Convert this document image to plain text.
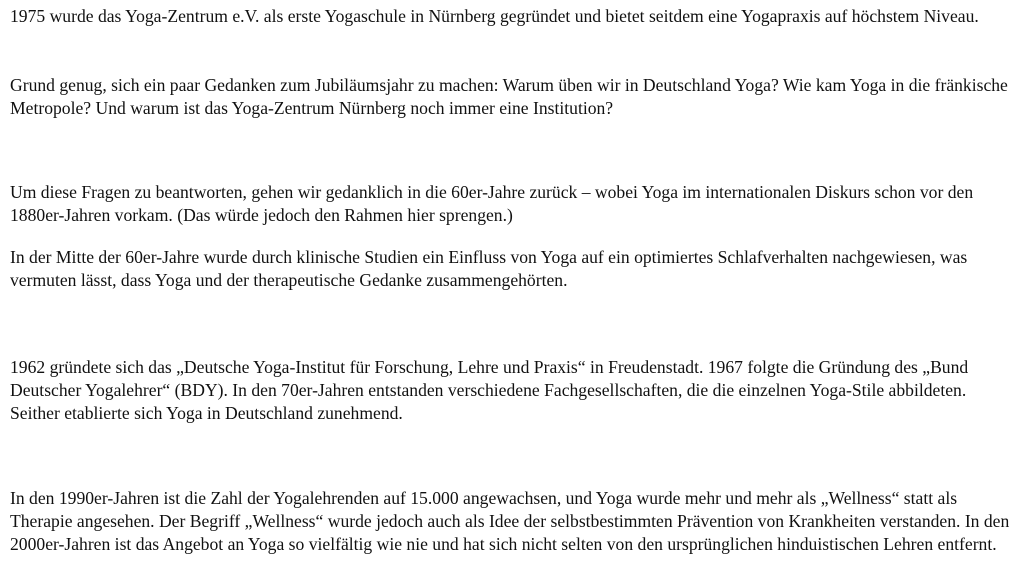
1975 wurde das Yoga-Zentrum e.V. als erste Yogaschule in Nürnberg gegründet und bietet seitdem eine Yogapraxis auf höchstem Niveau.

Grund genug, sich ein paar Gedanken zum Jubiläumsjahr zu machen: Warum üben wir in Deutschland Yoga? Wie kam Yoga in die fränkische Metropole? Und warum ist das Yoga-Zentrum Nürnberg noch immer eine Institution?

Um diese Fragen zu beantworten, gehen wir gedanklich in die 60er-Jahre zurück – wobei Yoga im internationalen Diskurs schon vor den 1880er-Jahren vorkam. (Das würde jedoch den Rahmen hier sprengen.)

In der Mitte der 60er-Jahre wurde durch klinische Studien ein Einfluss von Yoga auf ein optimiertes Schlafverhalten nachgewiesen, was vermuten lässt, dass Yoga und der therapeutische Gedanke zusammengehörten.

1962 gründete sich das „Deutsche Yoga-Institut für Forschung, Lehre und Praxis“ in Freudenstadt. 1967 folgte die Gründung des „Bund Deutscher Yogalehrer“ (BDY). In den 70er-Jahren entstanden verschiedene Fachgesellschaften, die die einzelnen Yoga-Stile abbildeten. Seither etablierte sich Yoga in Deutschland zunehmend.

In den 1990er-Jahren ist die Zahl der Yogalehrenden auf 15.000 angewachsen, und Yoga wurde mehr und mehr als „Wellness“ statt als Therapie angesehen. Der Begriff „Wellness“ wurde jedoch auch als Idee der selbstbestimmten Prävention von Krankheiten verstanden. In den 2000er-Jahren ist das Angebot an Yoga so vielfältig wie nie und hat sich nicht selten von den ursprünglichen hinduistischen Lehren entfernt.
